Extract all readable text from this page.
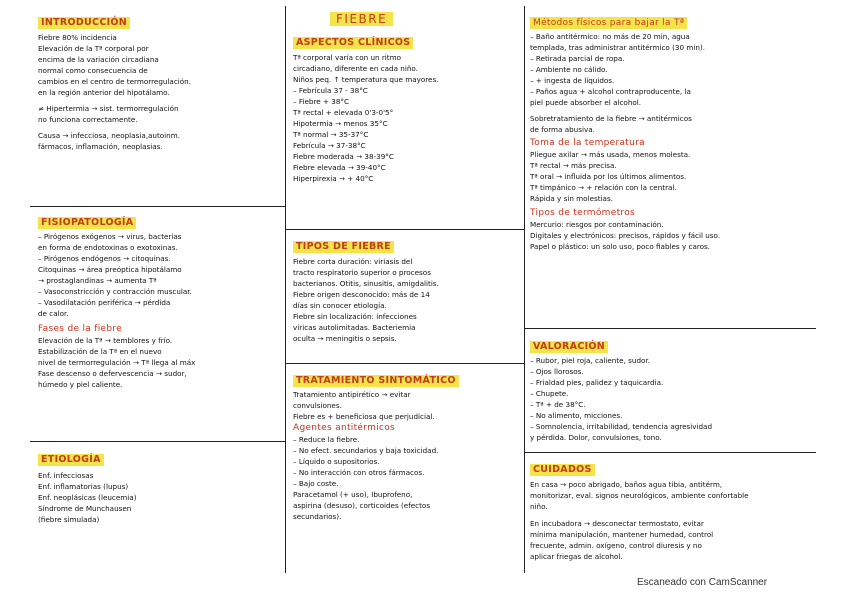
INTRODUCCIÓN
Fiebre 80% incidencia
Elevación de la Tª corporal por
encima de la variación circadiana
normal como consecuencia de
cambios en el centro de termorregulación.
en la región anterior del hipotálamo.

≠ Hipertermia → sist. termorregulación
no funciona correctamente.

Causa → infecciosa, neoplasia,autoinm.
fármacos, inflamación, neoplasias.
FISIOPATOLOGÍA
– Pirógenos exógenos → virus, bacterias
en forma de endotoxinas o exotoxinas.
– Pirógenos endógenos → citoquinas.
Citoquinas → área preóptica hipotálamo
→ prostaglandinas → aumenta Tª
– Vasoconstricción y contracción muscular.
– Vasodilatación periférica → pérdida
de calor.
Fases de la fiebre
Elevación de la Tª → temblores y frío.
Estabilización de la Tª en el nuevo
nivel de termorregulación → Tª llega al máx
Fase descenso o defervescencia → sudor,
húmedo y piel caliente.
ETIOLOGÍA
Enf. infecciosas
Enf. inflamatorias (lupus)
Enf. neoplásicas (leucemia)
Síndrome de Munchausen
(fiebre simulada)
FIEBRE
ASPECTOS CLÍNICOS
Tª corporal varía con un ritmo
circadiano, diferente en cada niño.
Niños peq. ↑ temperatura que mayores.
– Febrícula 37 - 38°C
– Fiebre + 38°C
Tª rectal + elevada 0'3-0'5°
Hipotermia → menos 35°C
Tª normal → 35-37°C
Febrícula → 37-38°C
Fiebre moderada → 38-39°C
Fiebre elevada → 39-40°C
Hiperpirexia → + 40°C
TIPOS DE FIEBRE
Fiebre corta duración: viriasis del
tracto respiratorio superior o procesos
bacterianos. Otitis, sinusitis, amigdalitis.
Fiebre origen desconocido: más de 14
días sin conocer etiología.
Fiebre sin localización: infecciones
víricas autolimitadas. Bacteriemia
oculta → meningitis o sepsis.
TRATAMIENTO SINTOMÁTICO
Tratamiento antipirético → evitar
convulsiones.
Fiebre es + beneficiosa que perjudicial.
Agentes antitérmicos
– Reduce la fiebre.
– No efect. secundarios y baja toxicidad.
– Líquido o supositorios.
– No interacción con otros fármacos.
– Bajo coste.
Paracetamol (+ uso), Ibuprofeno,
aspirina (desuso), corticoides (efectos
secundarios).
Métodos físicos para bajar la Tª
– Baño antitérmico: no más de 20 min, agua
templada, tras administrar antitérmico (30 min).
– Retirada parcial de ropa.
– Ambiente no cálido.
– + ingesta de líquidos.
– Paños agua + alcohol contraproducente, la
piel puede absorber el alcohol.

Sobretratamiento de la fiebre → antitérmicos
de forma abusiva.
Toma de la temperatura
Pliegue axilar → más usada, menos molesta.
Tª rectal → más precisa.
Tª oral → influida por los últimos alimentos.
Tª timpánico → + relación con la central.
Rápida y sin molestias.
Tipos de termómetros
Mercurio: riesgos por contaminación.
Digitales y electrónicos: precisos, rápidos y fácil uso.
Papel o plástico: un solo uso, poco fiables y caros.
VALORACIÓN
– Rubor, piel roja, caliente, sudor.
– Ojos llorosos.
– Frialdad pies, palidez y taquicardia.
– Chupete.
– Tª + de 38°C.
– No alimento, micciones.
– Somnolencia, irritabilidad, tendencia agresividad
y pérdida. Dolor, convulsiones, tono.
CUIDADOS
En casa → poco abrigado, baños agua tibia, antitérm,
monitorizar, eval. signos neurológicos, ambiente confortable
niño.
En incubadora → desconectar termostato, evitar
mínima manipulación, mantener humedad, control
frecuente, admin. oxígeno, control diuresis y no
aplicar friegas de alcohol.
Escaneado con CamScanner
